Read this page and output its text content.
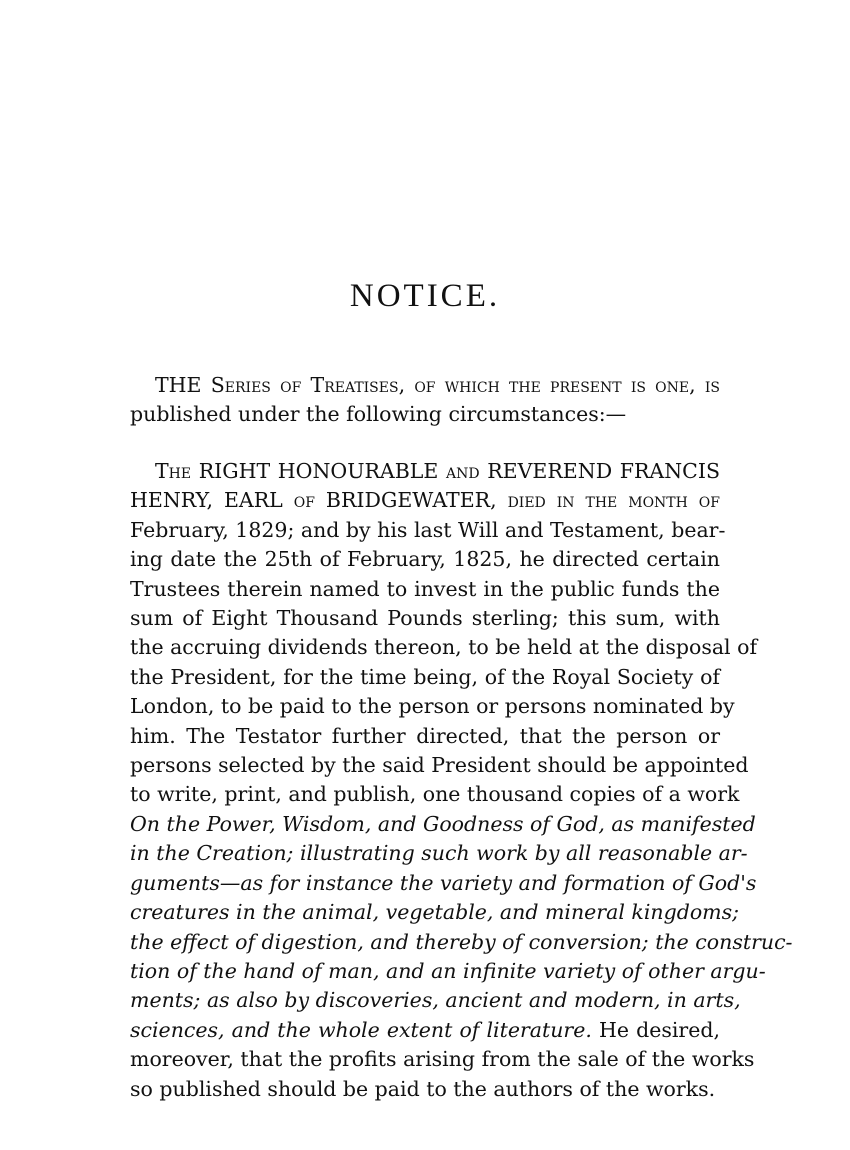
NOTICE.

THE Series of Treatises, of which the present is one, is
published under the following circumstances:—

The RIGHT HONOURABLE and REVEREND FRANCIS
HENRY, EARL of BRIDGEWATER, died in the month of
February, 1829; and by his last Will and Testament, bear-
ing date the 25th of February, 1825, he directed certain
Trustees therein named to invest in the public funds the
sum of Eight Thousand Pounds sterling; this sum, with
the accruing dividends thereon, to be held at the disposal of
the President, for the time being, of the Royal Society of
London, to be paid to the person or persons nominated by
him. The Testator further directed, that the person or
persons selected by the said President should be appointed
to write, print, and publish, one thousand copies of a work
On the Power, Wisdom, and Goodness of God, as manifested
in the Creation; illustrating such work by all reasonable ar-
guments—as for instance the variety and formation of God's
creatures in the animal, vegetable, and mineral kingdoms;
the effect of digestion, and thereby of conversion; the construc-
tion of the hand of man, and an infinite variety of other argu-
ments; as also by discoveries, ancient and modern, in arts,
sciences, and the whole extent of literature. He desired,
moreover, that the profits arising from the sale of the works
so published should be paid to the authors of the works.
